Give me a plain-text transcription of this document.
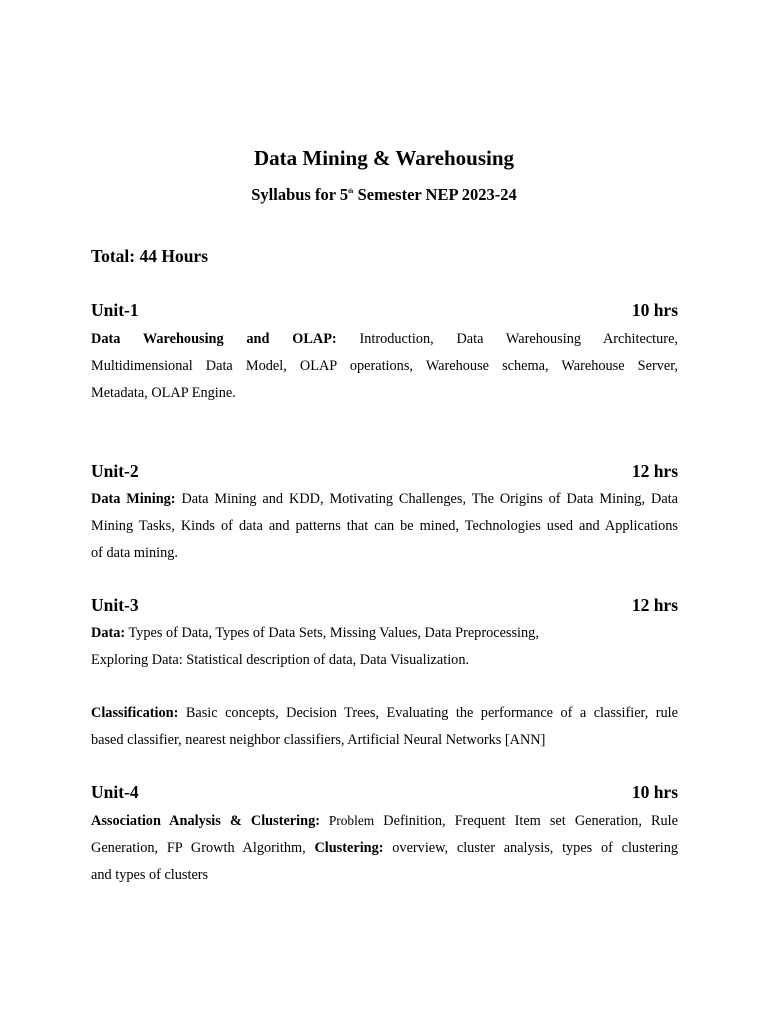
Data Mining & Warehousing
Syllabus for 5th Semester NEP 2023-24
Total: 44 Hours
Unit-1	10 hrs
Data Warehousing and OLAP: Introduction, Data Warehousing Architecture,
Multidimensional Data Model, OLAP operations, Warehouse schema, Warehouse Server,
Metadata, OLAP Engine.
Unit-2	12 hrs
Data Mining: Data Mining and KDD, Motivating Challenges, The Origins of Data Mining, Data
Mining Tasks, Kinds of data and patterns that can be mined, Technologies used and Applications
of data mining.
Unit-3	12 hrs
Data: Types of Data, Types of Data Sets, Missing Values, Data Preprocessing,
Exploring Data: Statistical description of data, Data Visualization.
Classification: Basic concepts, Decision Trees, Evaluating the performance of a classifier, rule
based classifier, nearest neighbor classifiers, Artificial Neural Networks [ANN]
Unit-4	10 hrs
Association Analysis & Clustering: Problem Definition, Frequent Item set Generation, Rule
Generation, FP Growth Algorithm, Clustering: overview, cluster analysis, types of clustering
and types of clusters
